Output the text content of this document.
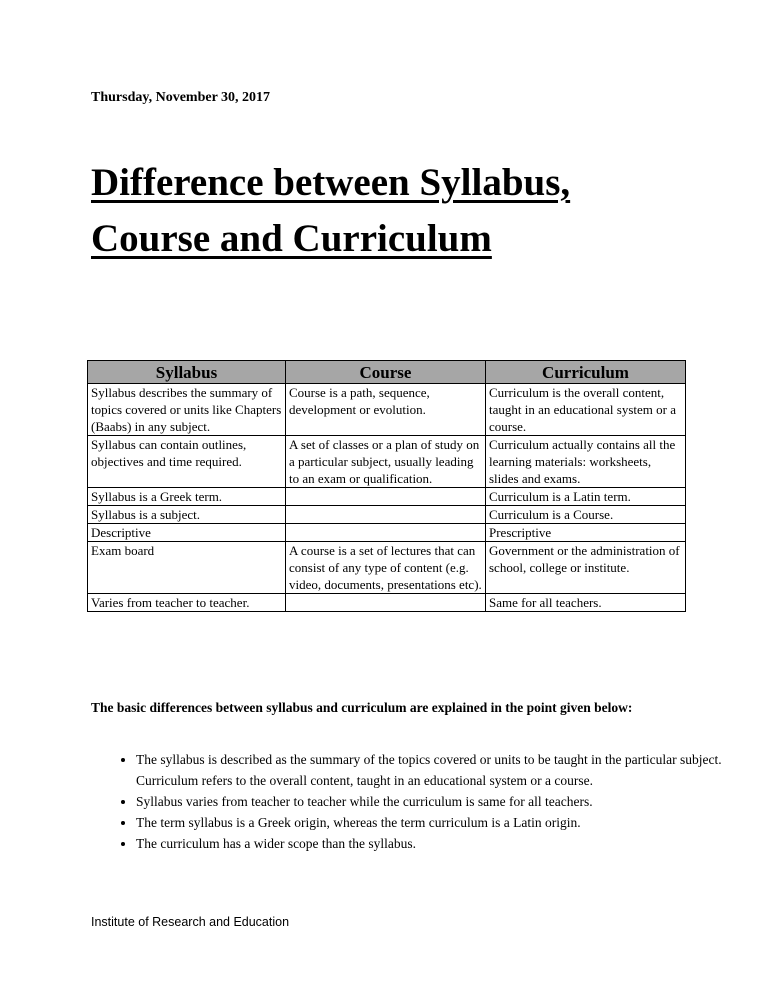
Thursday, November 30, 2017
Difference between Syllabus, Course and Curriculum
Syllabus	Course	Curriculum
Syllabus describes the summary of topics covered or units like Chapters (Baabs) in any subject.	Course is a path, sequence, development or evolution.	Curriculum is the overall content, taught in an educational system or a course.
Syllabus can contain outlines, objectives and time required.	A set of classes or a plan of study on a particular subject, usually leading to an exam or qualification.	Curriculum actually contains all the learning materials: worksheets, slides and exams.
Syllabus is a Greek term.		Curriculum is a Latin term.
Syllabus is a subject.		Curriculum is a Course.
Descriptive		Prescriptive
Exam board	A course is a set of lectures that can consist of any type of content (e.g. video, documents, presentations etc).	Government or the administration of school, college or institute.
Varies from teacher to teacher.		Same for all teachers.
The basic differences between syllabus and curriculum are explained in the point given below:
• The syllabus is described as the summary of the topics covered or units to be taught in the particular subject. Curriculum refers to the overall content, taught in an educational system or a course.
• Syllabus varies from teacher to teacher while the curriculum is same for all teachers.
• The term syllabus is a Greek origin, whereas the term curriculum is a Latin origin.
• The curriculum has a wider scope than the syllabus.
Institute of Research and Education
